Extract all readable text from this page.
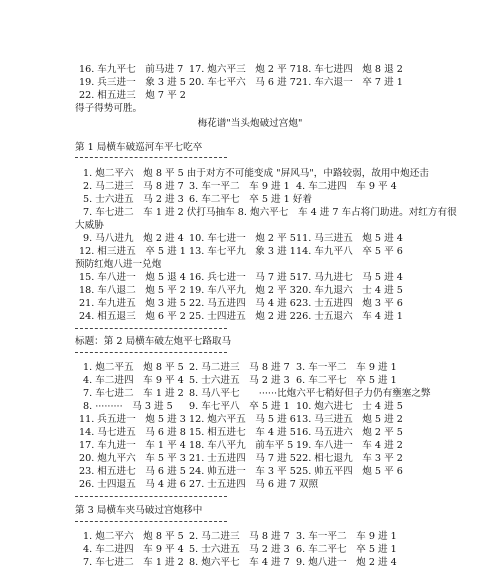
16. 车九平七　前马进 7 17. 炮六平三　炮 2 平 7 18. 车七进四　炮 8 退 2
19. 兵三进一　象 3 进 5 20. 车七平六　马 6 进 7 21. 车六退一　卒 7 进 1
22. 相五进三　炮 7 平 2
得子得势可胜。
梅花谱"当头炮破过宫炮"
第 1 局横车破巡河车平七吃卒
1. 炮二平六　炮 8 平 5 由于对方不可能变成 "屏风马"，中路较弱，故用中炮还击
2. 马二进三　马 8 进 7 3. 车一平二　车 9 进 1 4. 车二进四　车 9 平 4
5. 士六进五　马 2 进 3 6. 车二平七　卒 5 进 1 好着
7. 车七进二　车 1 进 2 伏打马抽车 8. 炮六平七　车 4 进 7 车占将门助进。对红方有很
大威胁
9. 马八进九　炮 2 进 4 10. 车七进一　炮 2 平 5 11. 马三进五　炮 5 进 4
12. 相三进五　卒 5 进 1 13. 车七平九　象 3 进 1 14. 车九平八　卒 5 平 6
预防红炮八进一兑炮
15. 车八进一　炮 5 退 4 16. 兵七进一　马 7 进 5 17. 马九进七　马 5 进 4
18. 车八退二　炮 5 平 2 19. 车八平九　炮 2 平 3 20. 车九退六　士 4 进 5
21. 车九进五　炮 3 进 5 22. 马五进四　马 4 进 6 23. 士五进四　炮 3 平 6
24. 相五退三　炮 6 平 2 25. 士四进五　炮 2 进 2 26. 士五退六　车 4 进 1
标题：第 2 局横车破左炮平七路取马
1. 炮二平五　炮 8 平 5 2. 马二进三　马 8 进 7 3. 车一平二　车 9 进 1
4. 车二进四　车 9 平 4 5. 士六进五　马 2 进 3 6. 车二平七　卒 5 进 1
7. 车七进二　车 1 进 2 8. 马八平七　　······比炮六平七稍好但子力仍有壅塞之弊
8. ·········　马 3 进 5 9. 车七平八　卒 5 进 1 10. 炮六进七　士 4 进 5
11. 兵五进一　炮 5 进 3 12. 炮六平五　马 5 进 6 13. 马三进五　炮 5 进 2
14. 马七进五　马 6 进 8 15. 相五进七　车 4 进 5 16. 马五进六　炮 2 平 5
17. 车九进一　车 1 平 4 18. 车八平九　前车平 5 19. 车八进一　车 4 进 2
20. 炮九平六　车 5 平 3 21. 士五进四　马 7 进 5 22. 相七退九　车 3 平 2
23. 相五进七　马 6 进 5 24. 帅五进一　车 3 平 5 25. 帅五平四　炮 5 平 6
26. 士四退五　马 4 进 6 27. 士五进四　马 6 进 7 双照
第 3 局横车夹马破过宫炮移中
1. 炮二平六　炮 8 平 5 2. 马二进三　马 8 进 7 3. 车一平二　车 9 进 1
4. 车二进四　车 9 平 4 5. 士六进五　马 2 进 3 6. 车二平七　卒 5 进 1
7. 车七进二　车 1 进 2 8. 炮六平七　车 4 进 7 9. 炮八进一　炮 2 进 4
